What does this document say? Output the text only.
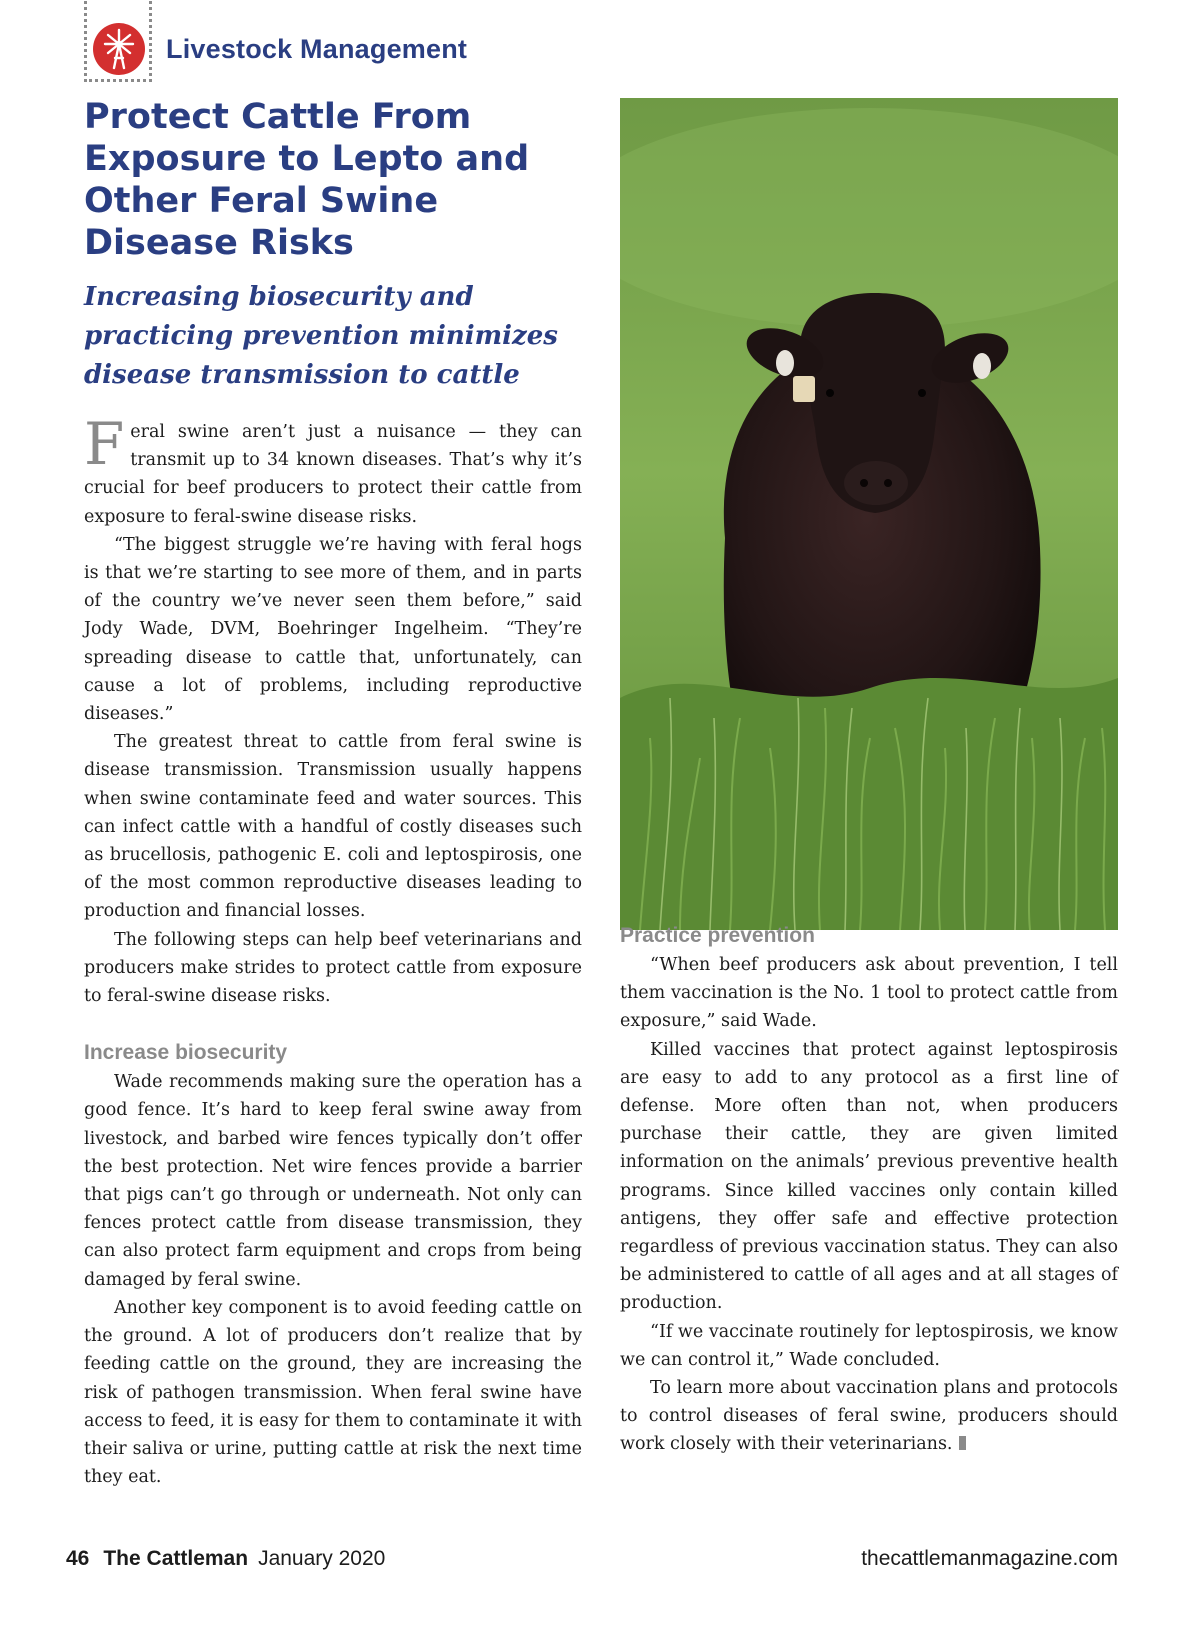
Livestock Management
Protect Cattle From Exposure to Lepto and Other Feral Swine Disease Risks
Increasing biosecurity and practicing prevention minimizes disease transmission to cattle

Feral swine aren’t just a nuisance — they can transmit up to 34 known diseases. That’s why it’s crucial for beef producers to protect their cattle from exposure to feral-swine disease risks.

“The biggest struggle we’re having with feral hogs is that we’re starting to see more of them, and in parts of the country we’ve never seen them before,” said Jody Wade, DVM, Boehringer Ingelheim. “They’re spreading disease to cattle that, unfortunately, can cause a lot of problems, including reproductive diseases.”

The greatest threat to cattle from feral swine is disease transmission. Transmission usually happens when swine contaminate feed and water sources. This can infect cattle with a handful of costly diseases such as brucellosis, pathogenic E. coli and leptospirosis, one of the most common reproductive diseases leading to production and financial losses.

The following steps can help beef veterinarians and producers make strides to protect cattle from exposure to feral-swine disease risks.

Increase biosecurity

Wade recommends making sure the operation has a good fence. It’s hard to keep feral swine away from livestock, and barbed wire fences typically don’t offer the best protection. Net wire fences provide a barrier that pigs can’t go through or underneath. Not only can fences protect cattle from disease transmission, they can also protect farm equipment and crops from being damaged by feral swine.

Another key component is to avoid feeding cattle on the ground. A lot of producers don’t realize that by feeding cattle on the ground, they are increasing the risk of pathogen transmission. When feral swine have access to feed, it is easy for them to contaminate it with their saliva or urine, putting cattle at risk the next time they eat.

Practice prevention

“When beef producers ask about prevention, I tell them vaccination is the No. 1 tool to protect cattle from exposure,” said Wade.

Killed vaccines that protect against leptospirosis are easy to add to any protocol as a first line of defense. More often than not, when producers purchase their cattle, they are given limited information on the animals’ previous preventive health programs. Since killed vaccines only contain killed antigens, they offer safe and effective protection regardless of previous vaccination status. They can also be administered to cattle of all ages and at all stages of production.

“If we vaccinate routinely for leptospirosis, we know we can control it,” Wade concluded.

To learn more about vaccination plans and protocols to control diseases of feral swine, producers should work closely with their veterinarians.

46 The Cattleman January 2020	thecattlemanmagazine.com
